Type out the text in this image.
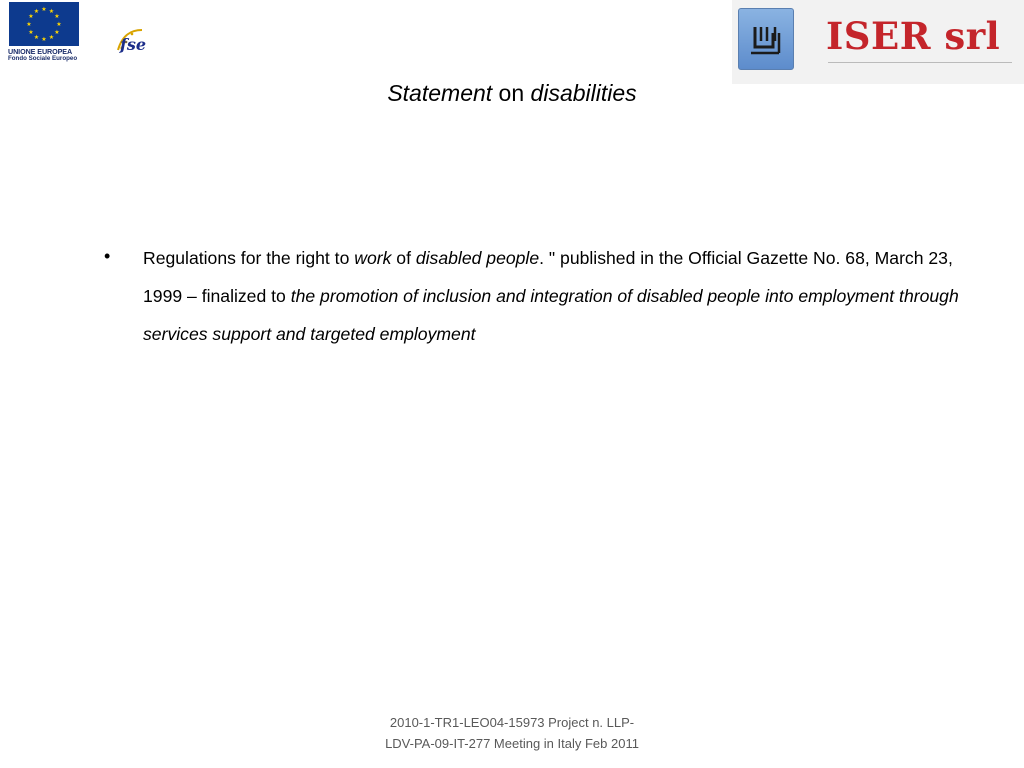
★ ★
★
★
★
★
★
★
★
★
★
★
UNIONE EUROPEA
Fondo Sociale Europeo
fse	ISER srl
Statement on disabilities
• Regulations for the right to work of disabled people. " published in the Official Gazette No. 68, March 23, 1999 – finalized to the promotion of inclusion and integration of disabled people into employment through services support and targeted employment
2010-1-TR1-LEO04-15973 Project n. LLP-
LDV-PA-09-IT-277 Meeting in Italy Feb 2011
